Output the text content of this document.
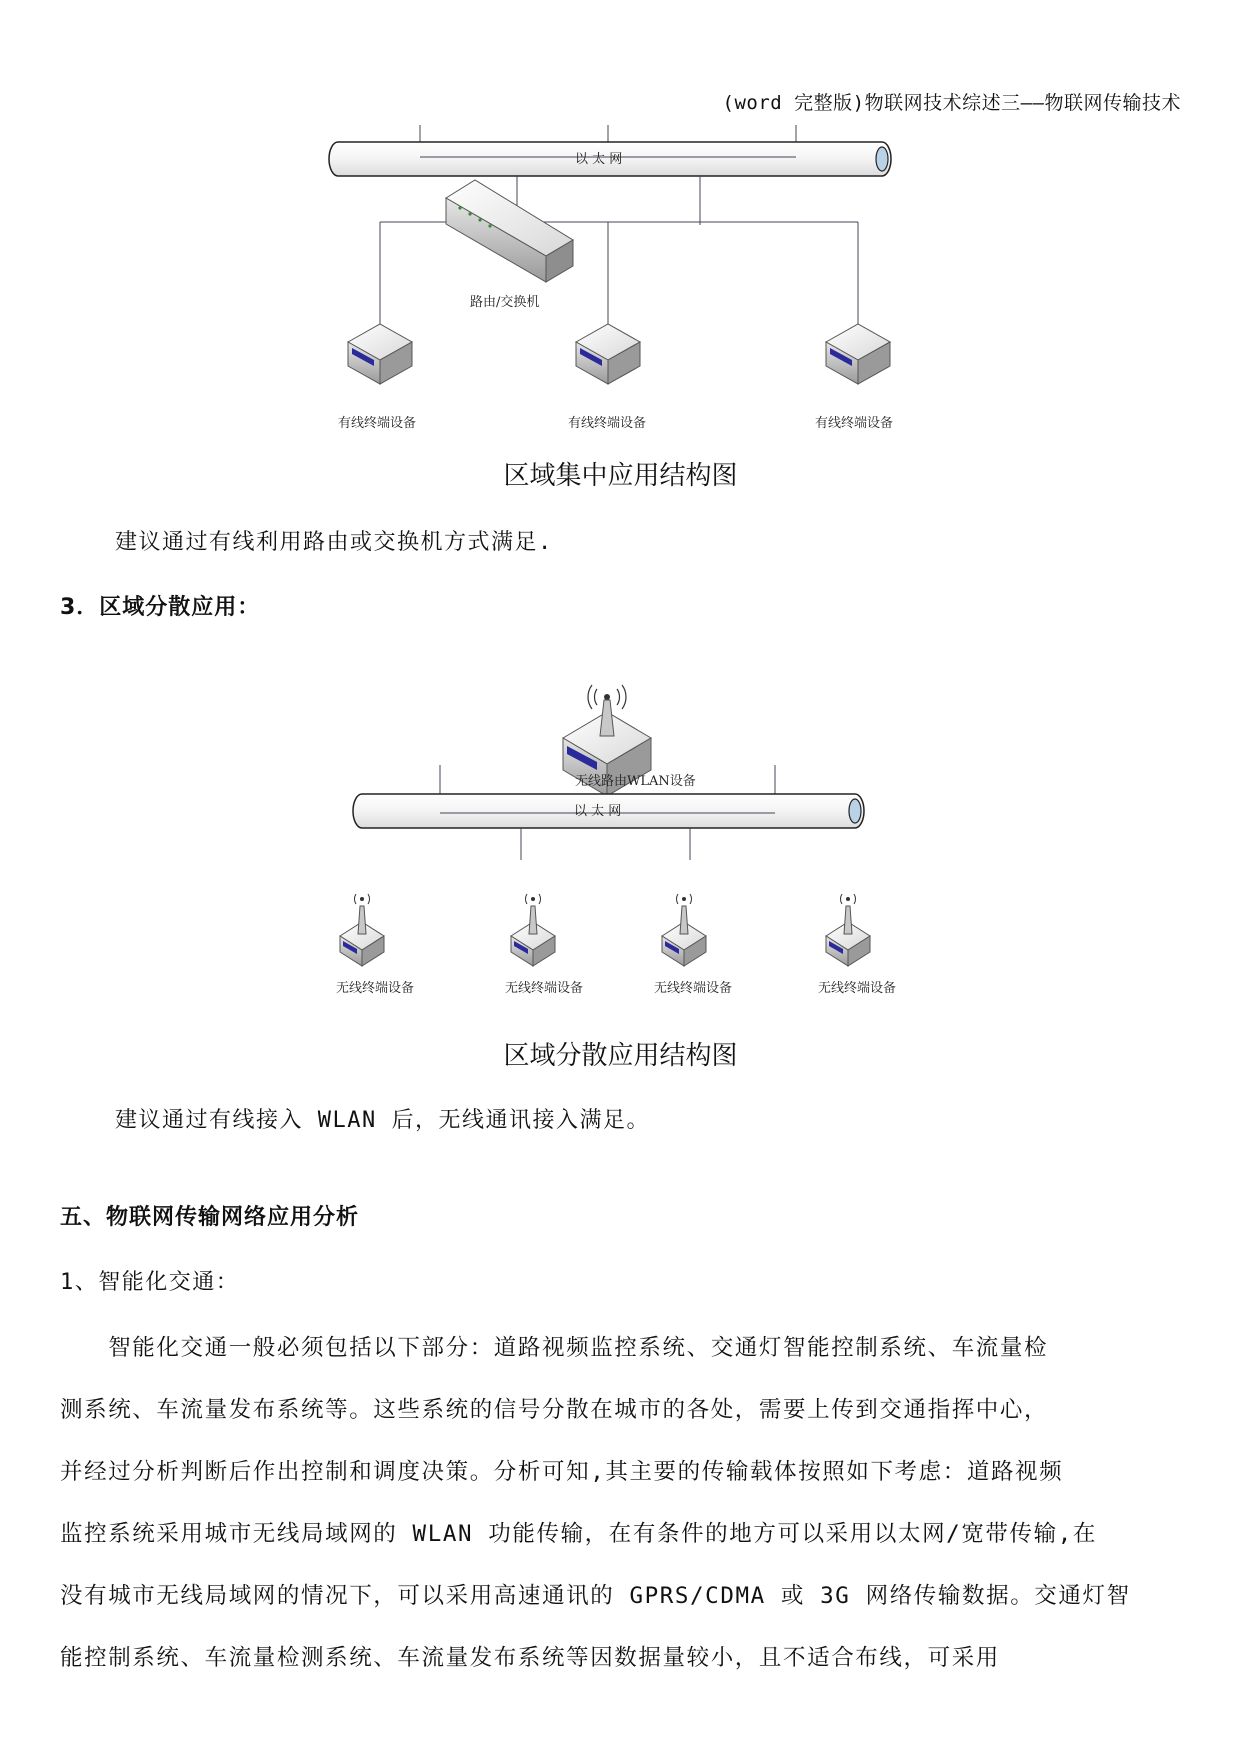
(word 完整版)物联网技术综述三——物联网传输技术
以 太 网
路由/交换机
有线终端设备	有线终端设备	有线终端设备
区域集中应用结构图
建议通过有线利用路由或交换机方式满足.
3．区域分散应用：
无线路由WLAN设备
以 太 网
无线终端设备	无线终端设备	无线终端设备	无线终端设备
区域分散应用结构图
建议通过有线接入 WLAN 后，无线通讯接入满足。
五、物联网传输网络应用分析
1、智能化交通：
　　智能化交通一般必须包括以下部分：道路视频监控系统、交通灯智能控制系统、车流量检
测系统、车流量发布系统等。这些系统的信号分散在城市的各处，需要上传到交通指挥中心，
并经过分析判断后作出控制和调度决策。分析可知,其主要的传输载体按照如下考虑：道路视频
监控系统采用城市无线局域网的 WLAN 功能传输，在有条件的地方可以采用以太网/宽带传输,在
没有城市无线局域网的情况下，可以采用高速通讯的 GPRS/CDMA 或 3G 网络传输数据。交通灯智
能控制系统、车流量检测系统、车流量发布系统等因数据量较小，且不适合布线，可采用
